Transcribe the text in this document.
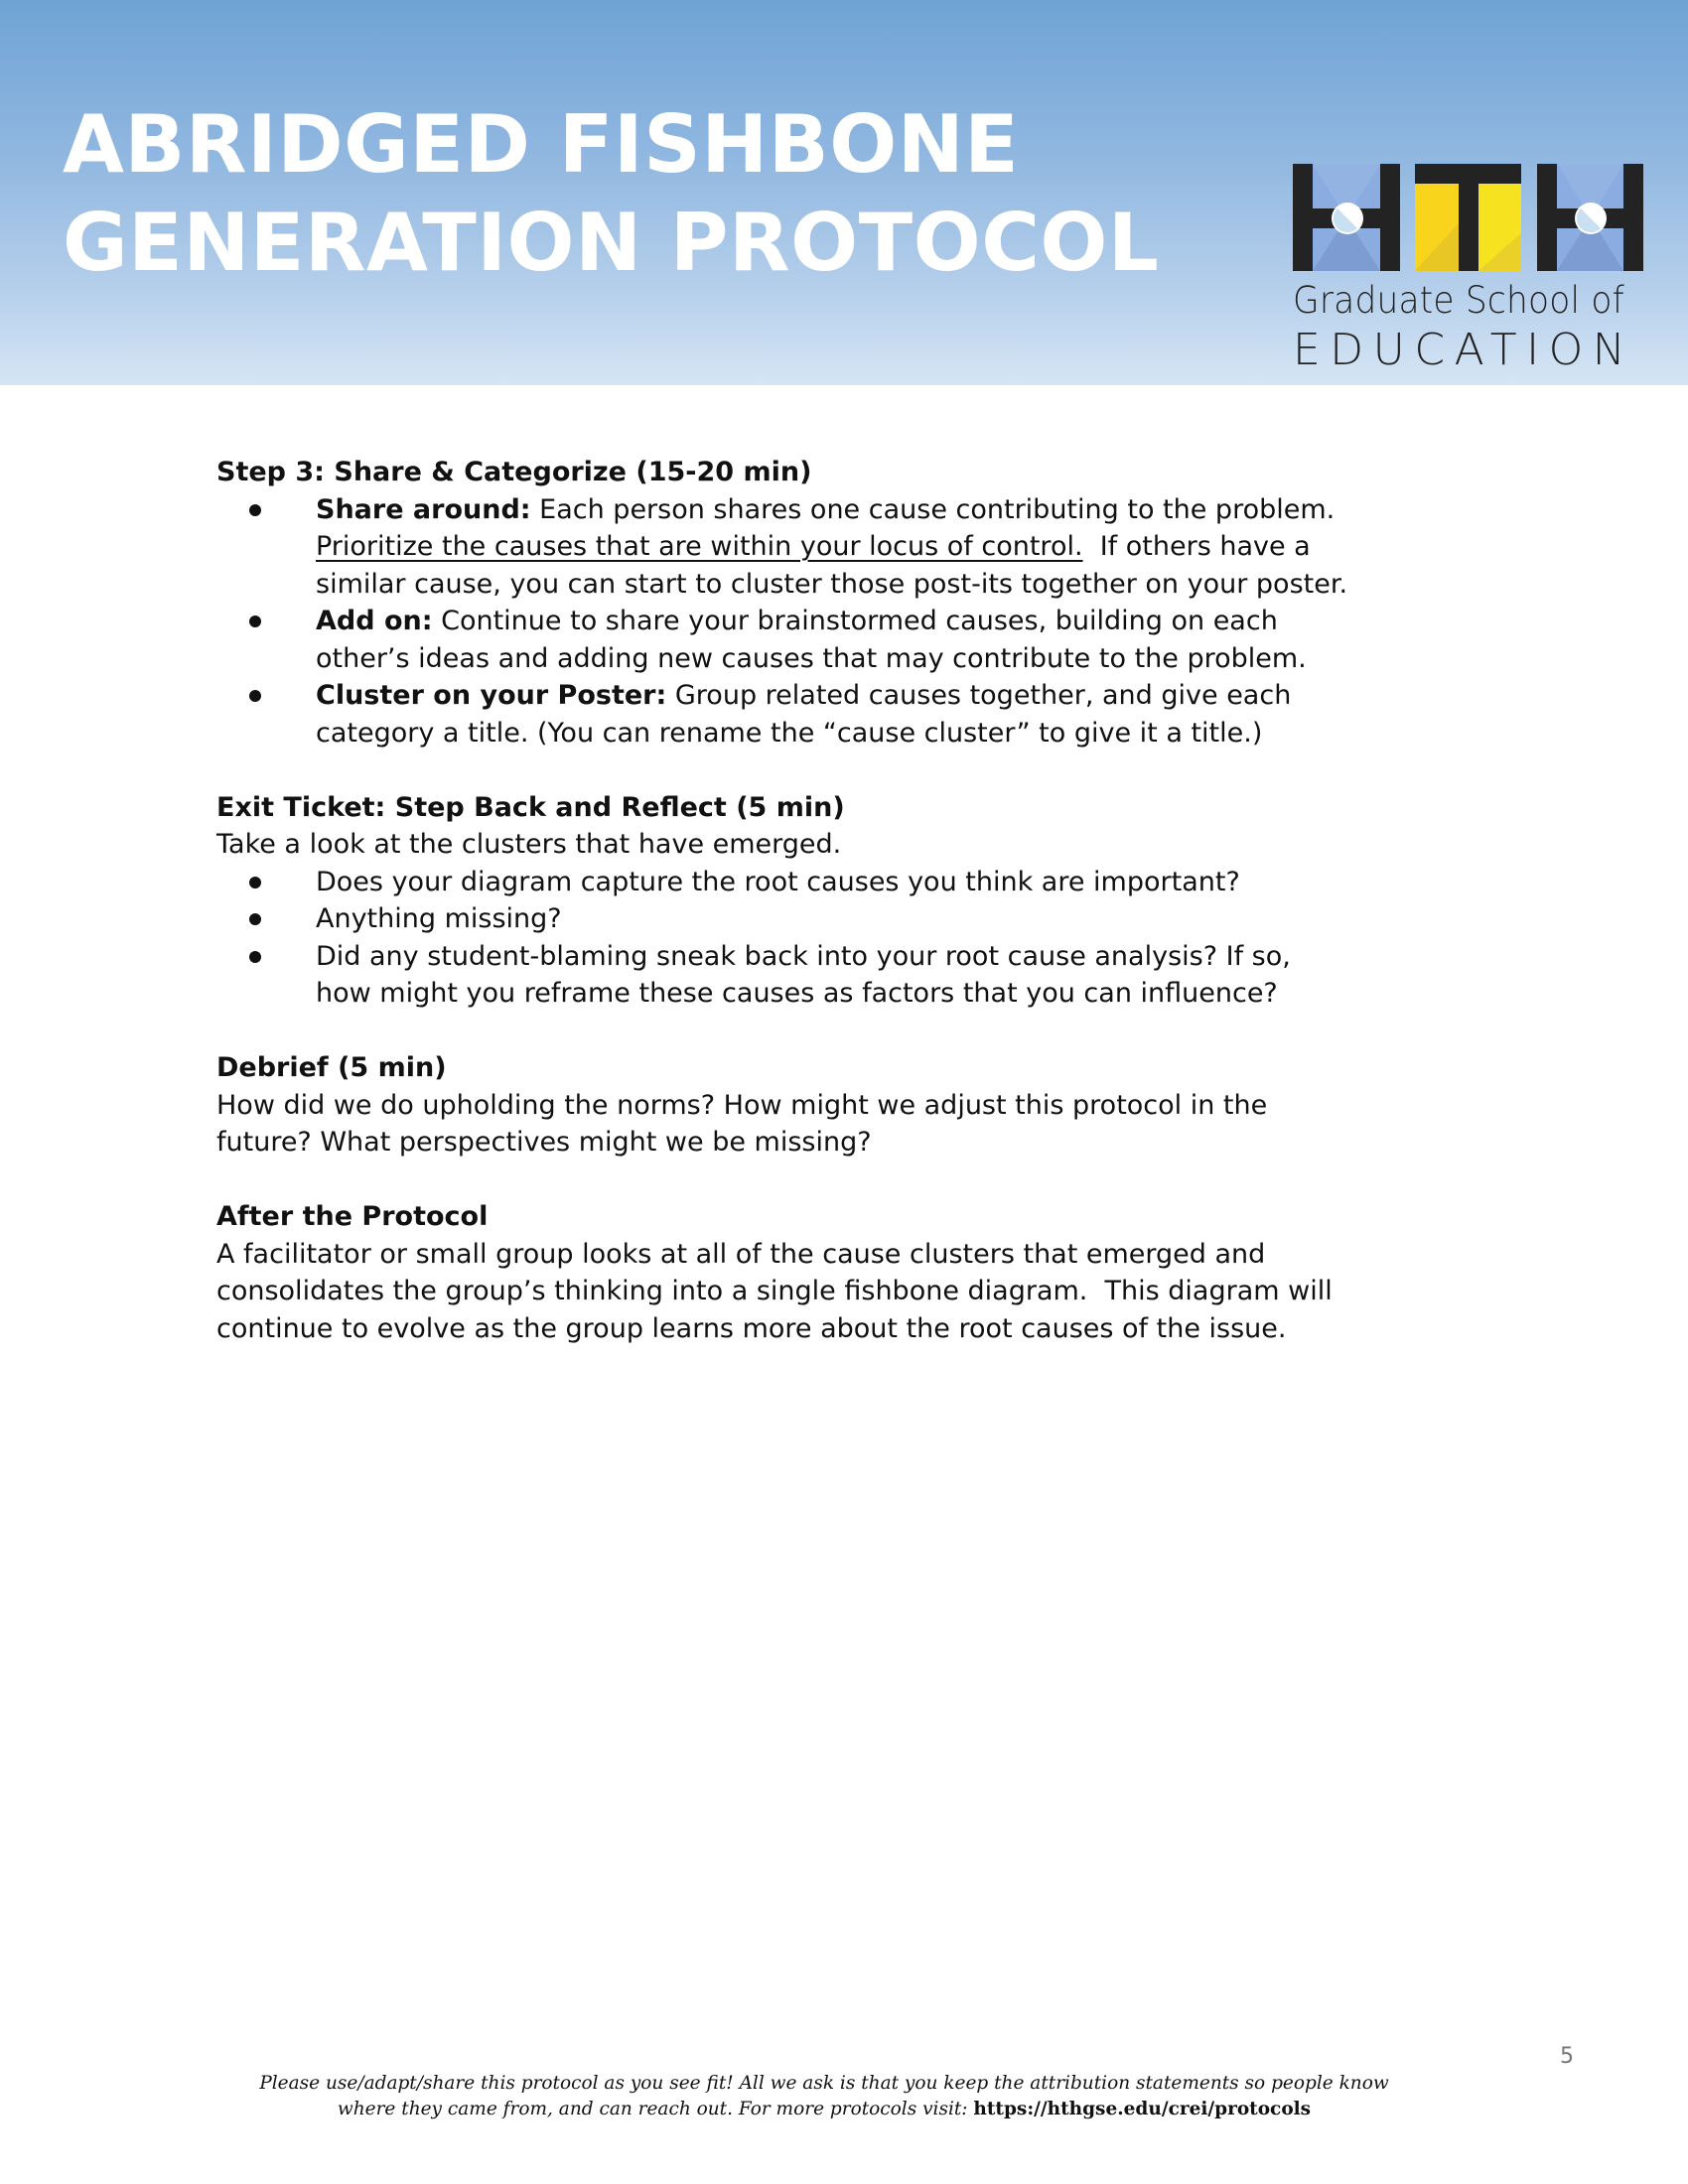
ABRIDGED FISHBONE
GENERATION PROTOCOL
Graduate School of
EDUCATION
Step 3: Share & Categorize (15-20 min)
Share around: Each person shares one cause contributing to the problem.
Prioritize the causes that are within your locus of control.  If others have a
similar cause, you can start to cluster those post-its together on your poster.
Add on: Continue to share your brainstormed causes, building on each
other’s ideas and adding new causes that may contribute to the problem.
Cluster on your Poster: Group related causes together, and give each
category a title. (You can rename the “cause cluster” to give it a title.)
Exit Ticket: Step Back and Reflect (5 min)
Take a look at the clusters that have emerged.
Does your diagram capture the root causes you think are important?
Anything missing?
Did any student-blaming sneak back into your root cause analysis? If so,
how might you reframe these causes as factors that you can influence?
Debrief (5 min)
How did we do upholding the norms? How might we adjust this protocol in the
future? What perspectives might we be missing?
After the Protocol
A facilitator or small group looks at all of the cause clusters that emerged and
consolidates the group’s thinking into a single fishbone diagram.  This diagram will
continue to evolve as the group learns more about the root causes of the issue.
5
Please use/adapt/share this protocol as you see fit! All we ask is that you keep the attribution statements so people know
where they came from, and can reach out. For more protocols visit: https://hthgse.edu/crei/protocols
